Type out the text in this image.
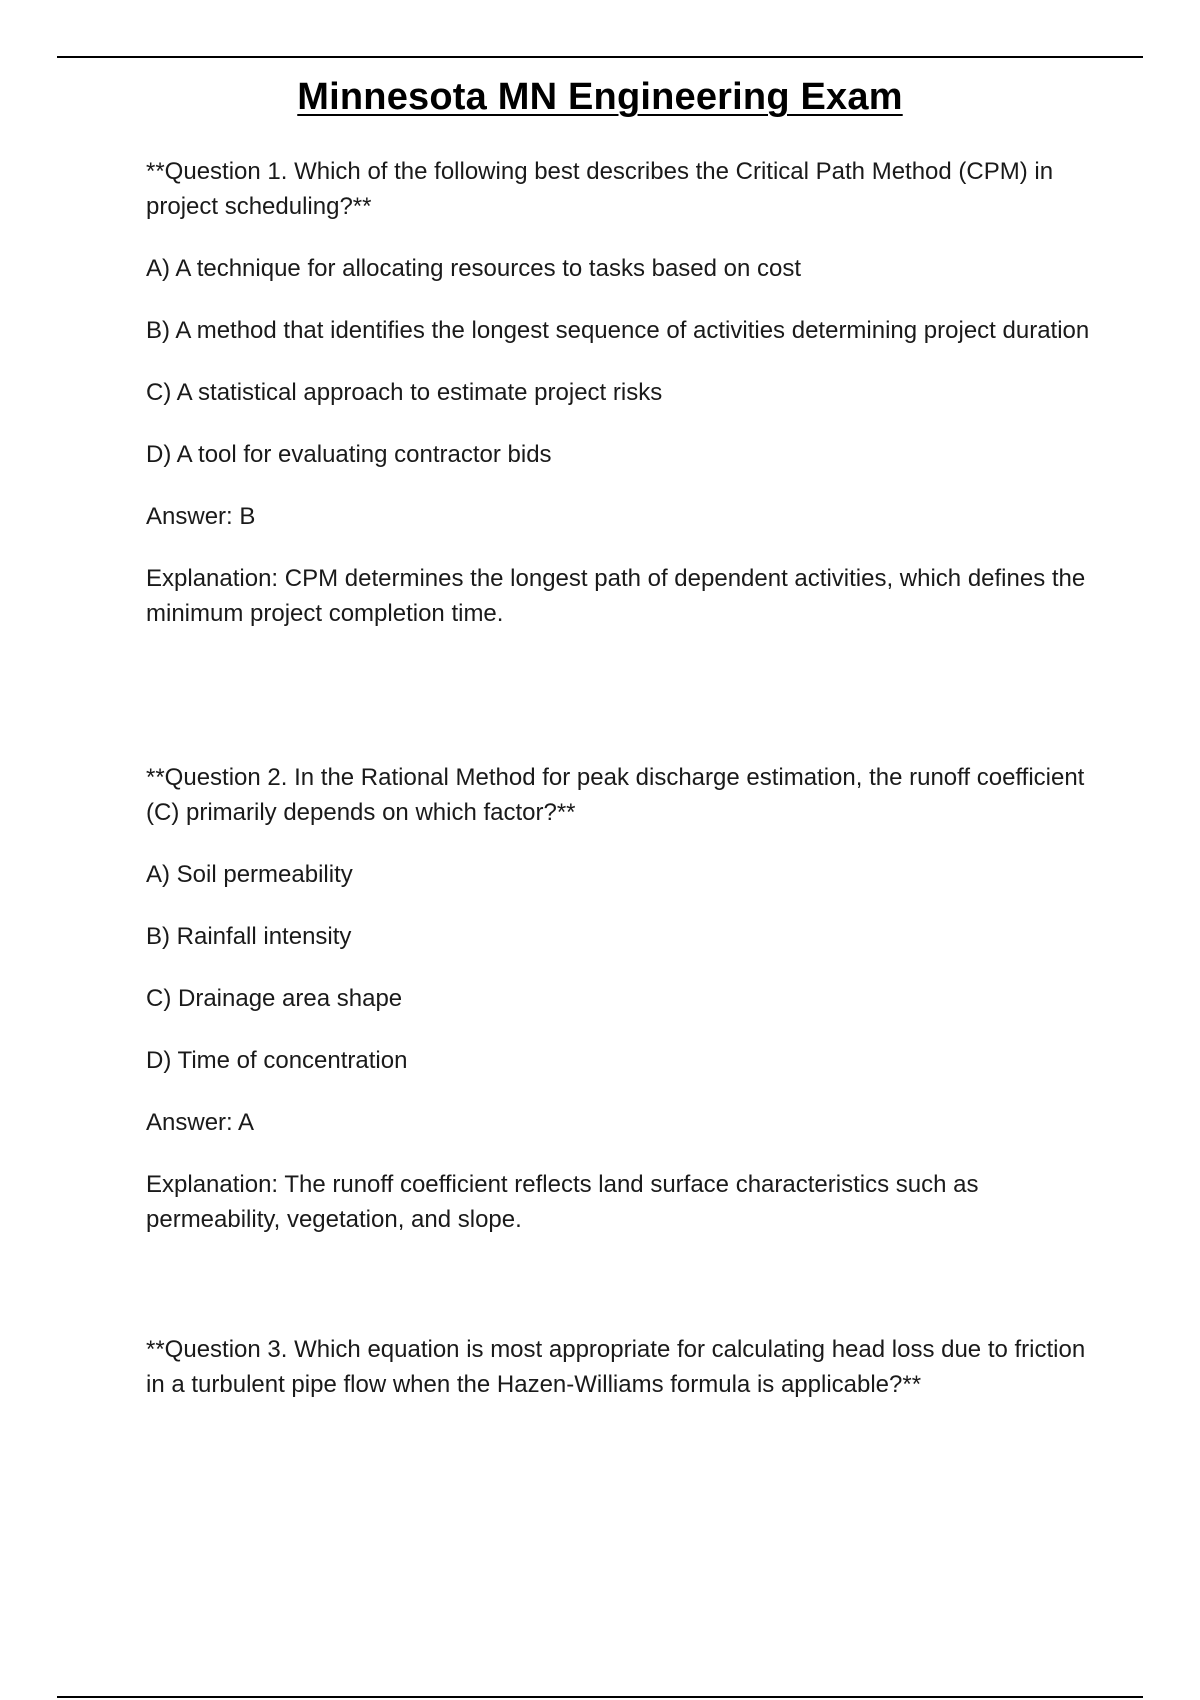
Minnesota MN Engineering Exam

**Question 1. Which of the following best describes the Critical Path Method (CPM) in project scheduling?**

A) A technique for allocating resources to tasks based on cost

B) A method that identifies the longest sequence of activities determining project duration

C) A statistical approach to estimate project risks

D) A tool for evaluating contractor bids

Answer: B

Explanation: CPM determines the longest path of dependent activities, which defines the minimum project completion time.

**Question 2. In the Rational Method for peak discharge estimation, the runoff coefficient (C) primarily depends on which factor?**

A) Soil permeability

B) Rainfall intensity

C) Drainage area shape

D) Time of concentration

Answer: A

Explanation: The runoff coefficient reflects land surface characteristics such as permeability, vegetation, and slope.

**Question 3. Which equation is most appropriate for calculating head loss due to friction in a turbulent pipe flow when the Hazen-Williams formula is applicable?**
